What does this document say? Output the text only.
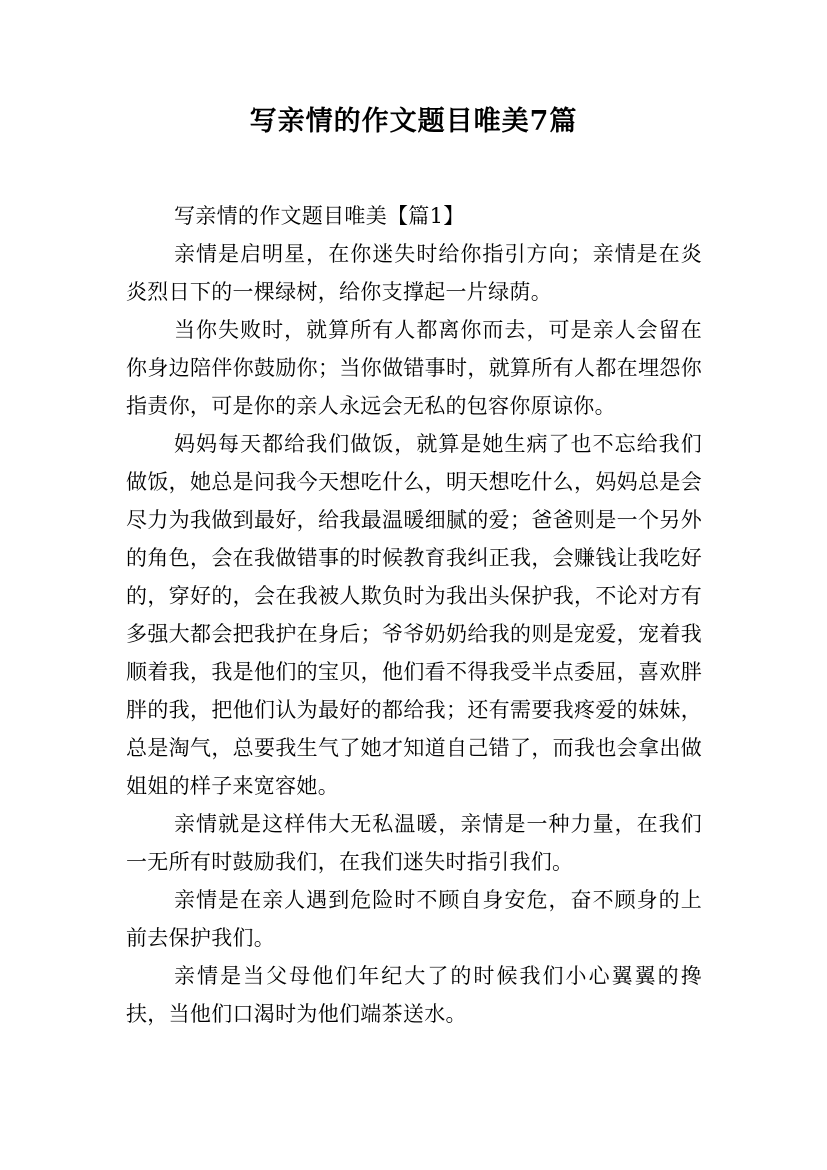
写亲情的作文题目唯美7篇

写亲情的作文题目唯美【篇1】

亲情是启明星，在你迷失时给你指引方向；亲情是在炎炎烈日下的一棵绿树，给你支撑起一片绿荫。

当你失败时，就算所有人都离你而去，可是亲人会留在你身边陪伴你鼓励你；当你做错事时，就算所有人都在埋怨你指责你，可是你的亲人永远会无私的包容你原谅你。

妈妈每天都给我们做饭，就算是她生病了也不忘给我们做饭，她总是问我今天想吃什么，明天想吃什么，妈妈总是会尽力为我做到最好，给我最温暖细腻的爱；爸爸则是一个另外的角色，会在我做错事的时候教育我纠正我，会赚钱让我吃好的，穿好的，会在我被人欺负时为我出头保护我，不论对方有多强大都会把我护在身后；爷爷奶奶给我的则是宠爱，宠着我顺着我，我是他们的宝贝，他们看不得我受半点委屈，喜欢胖胖的我，把他们认为最好的都给我；还有需要我疼爱的妹妹，总是淘气，总要我生气了她才知道自己错了，而我也会拿出做姐姐的样子来宽容她。

亲情就是这样伟大无私温暖，亲情是一种力量，在我们一无所有时鼓励我们，在我们迷失时指引我们。

亲情是在亲人遇到危险时不顾自身安危，奋不顾身的上前去保护我们。

亲情是当父母他们年纪大了的时候我们小心翼翼的搀扶，当他们口渴时为他们端茶送水。
